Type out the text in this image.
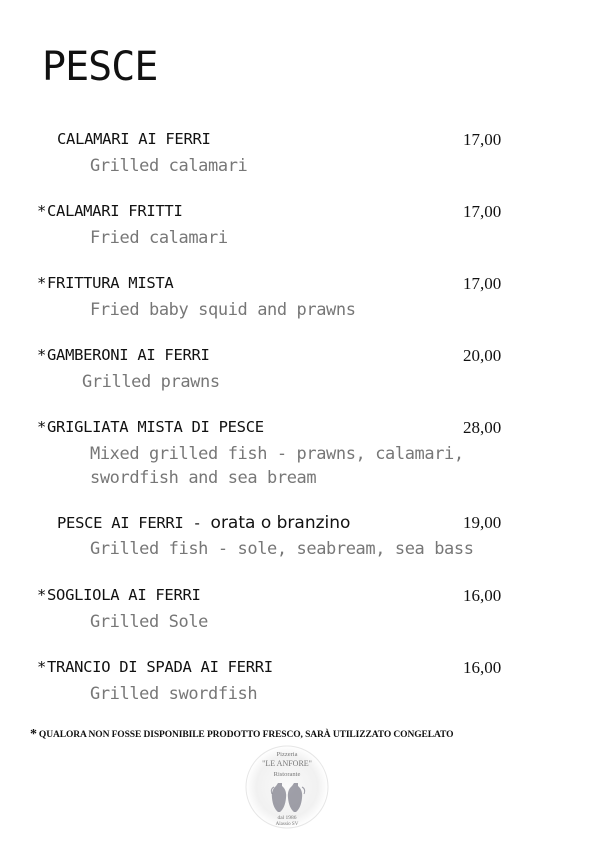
PESCE
CALAMARI AI FERRI	17,00
Grilled calamari
*CALAMARI FRITTI	17,00
Fried calamari
*FRITTURA MISTA	17,00
Fried baby squid and prawns
*GAMBERONI AI FERRI	20,00
Grilled prawns
*GRIGLIATA MISTA DI PESCE	28,00
Mixed grilled fish - prawns, calamari, swordfish and sea bream
PESCE AI FERRI - orata o branzino	19,00
Grilled fish - sole, seabream, sea bass
*SOGLIOLA AI FERRI	16,00
Grilled Sole
*TRANCIO DI SPADA AI FERRI	16,00
Grilled swordfish
* QUALORA NON FOSSE DISPONIBILE PRODOTTO FRESCO, SARÀ UTILIZZATO CONGELATO
Pizzeria
"LE ANFORE"
Ristorante
dal 1986
Alassio SV
